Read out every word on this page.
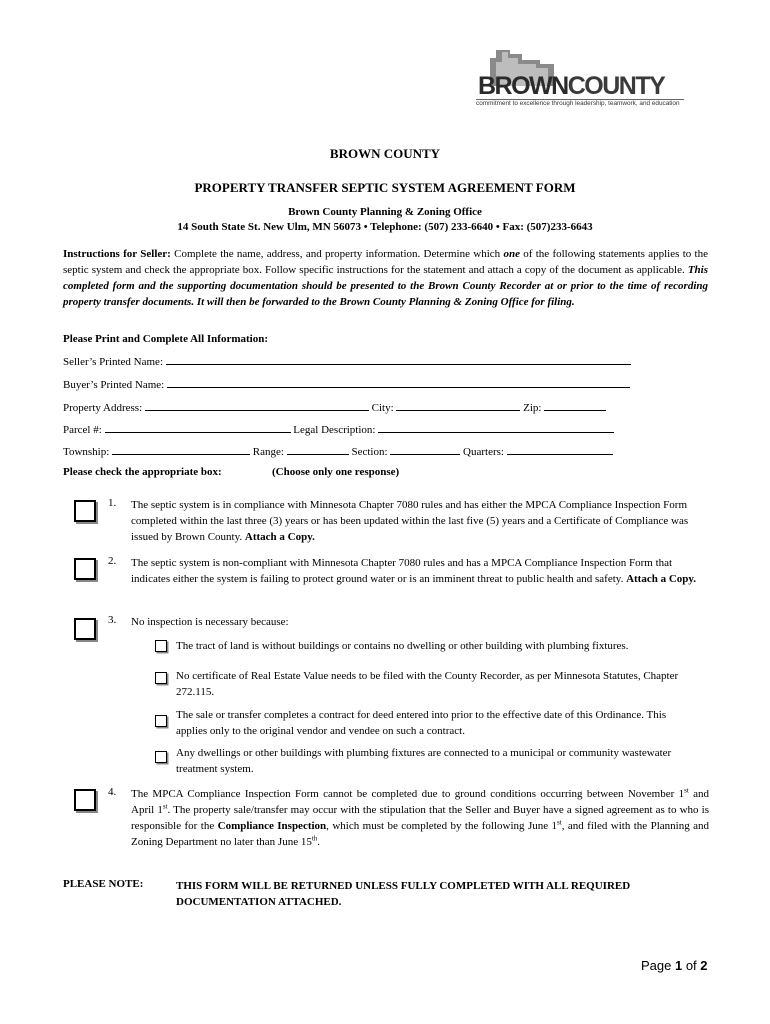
BROWNCOUNTY
commitment to excellence through leadership, teamwork, and education
BROWN COUNTY
PROPERTY TRANSFER SEPTIC SYSTEM AGREEMENT FORM
Brown County Planning & Zoning Office
14 South State St. New Ulm, MN 56073 • Telephone: (507) 233-6640 • Fax: (507)233-6643
Instructions for Seller: Complete the name, address, and property information. Determine which one of the following statements applies to the septic system and check the appropriate box. Follow specific instructions for the statement and attach a copy of the document as applicable. This completed form and the supporting documentation should be presented to the Brown County Recorder at or prior to the time of recording property transfer documents. It will then be forwarded to the Brown County Planning & Zoning Office for filing.
Please Print and Complete All Information:
Seller’s Printed Name:
Buyer’s Printed Name:
Property Address:	City:	Zip:
Parcel #:	Legal Description:
Township:	Range:	Section:	Quarters:
Please check the appropriate box:	(Choose only one response)
1. The septic system is in compliance with Minnesota Chapter 7080 rules and has either the MPCA Compliance Inspection Form completed within the last three (3) years or has been updated within the last five (5) years and a Certificate of Compliance was issued by Brown County. Attach a Copy.
2. The septic system is non-compliant with Minnesota Chapter 7080 rules and has a MPCA Compliance Inspection Form that indicates either the system is failing to protect ground water or is an imminent threat to public health and safety. Attach a Copy.
3. No inspection is necessary because:
The tract of land is without buildings or contains no dwelling or other building with plumbing fixtures.
No certificate of Real Estate Value needs to be filed with the County Recorder, as per Minnesota Statutes, Chapter 272.115.
The sale or transfer completes a contract for deed entered into prior to the effective date of this Ordinance. This applies only to the original vendor and vendee on such a contract.
Any dwellings or other buildings with plumbing fixtures are connected to a municipal or community wastewater treatment system.
4. The MPCA Compliance Inspection Form cannot be completed due to ground conditions occurring between November 1st and April 1st. The property sale/transfer may occur with the stipulation that the Seller and Buyer have a signed agreement as to who is responsible for the Compliance Inspection, which must be completed by the following June 1st, and filed with the Planning and Zoning Department no later than June 15th.
PLEASE NOTE:	THIS FORM WILL BE RETURNED UNLESS FULLY COMPLETED WITH ALL REQUIRED DOCUMENTATION ATTACHED.
Page 1 of 2
